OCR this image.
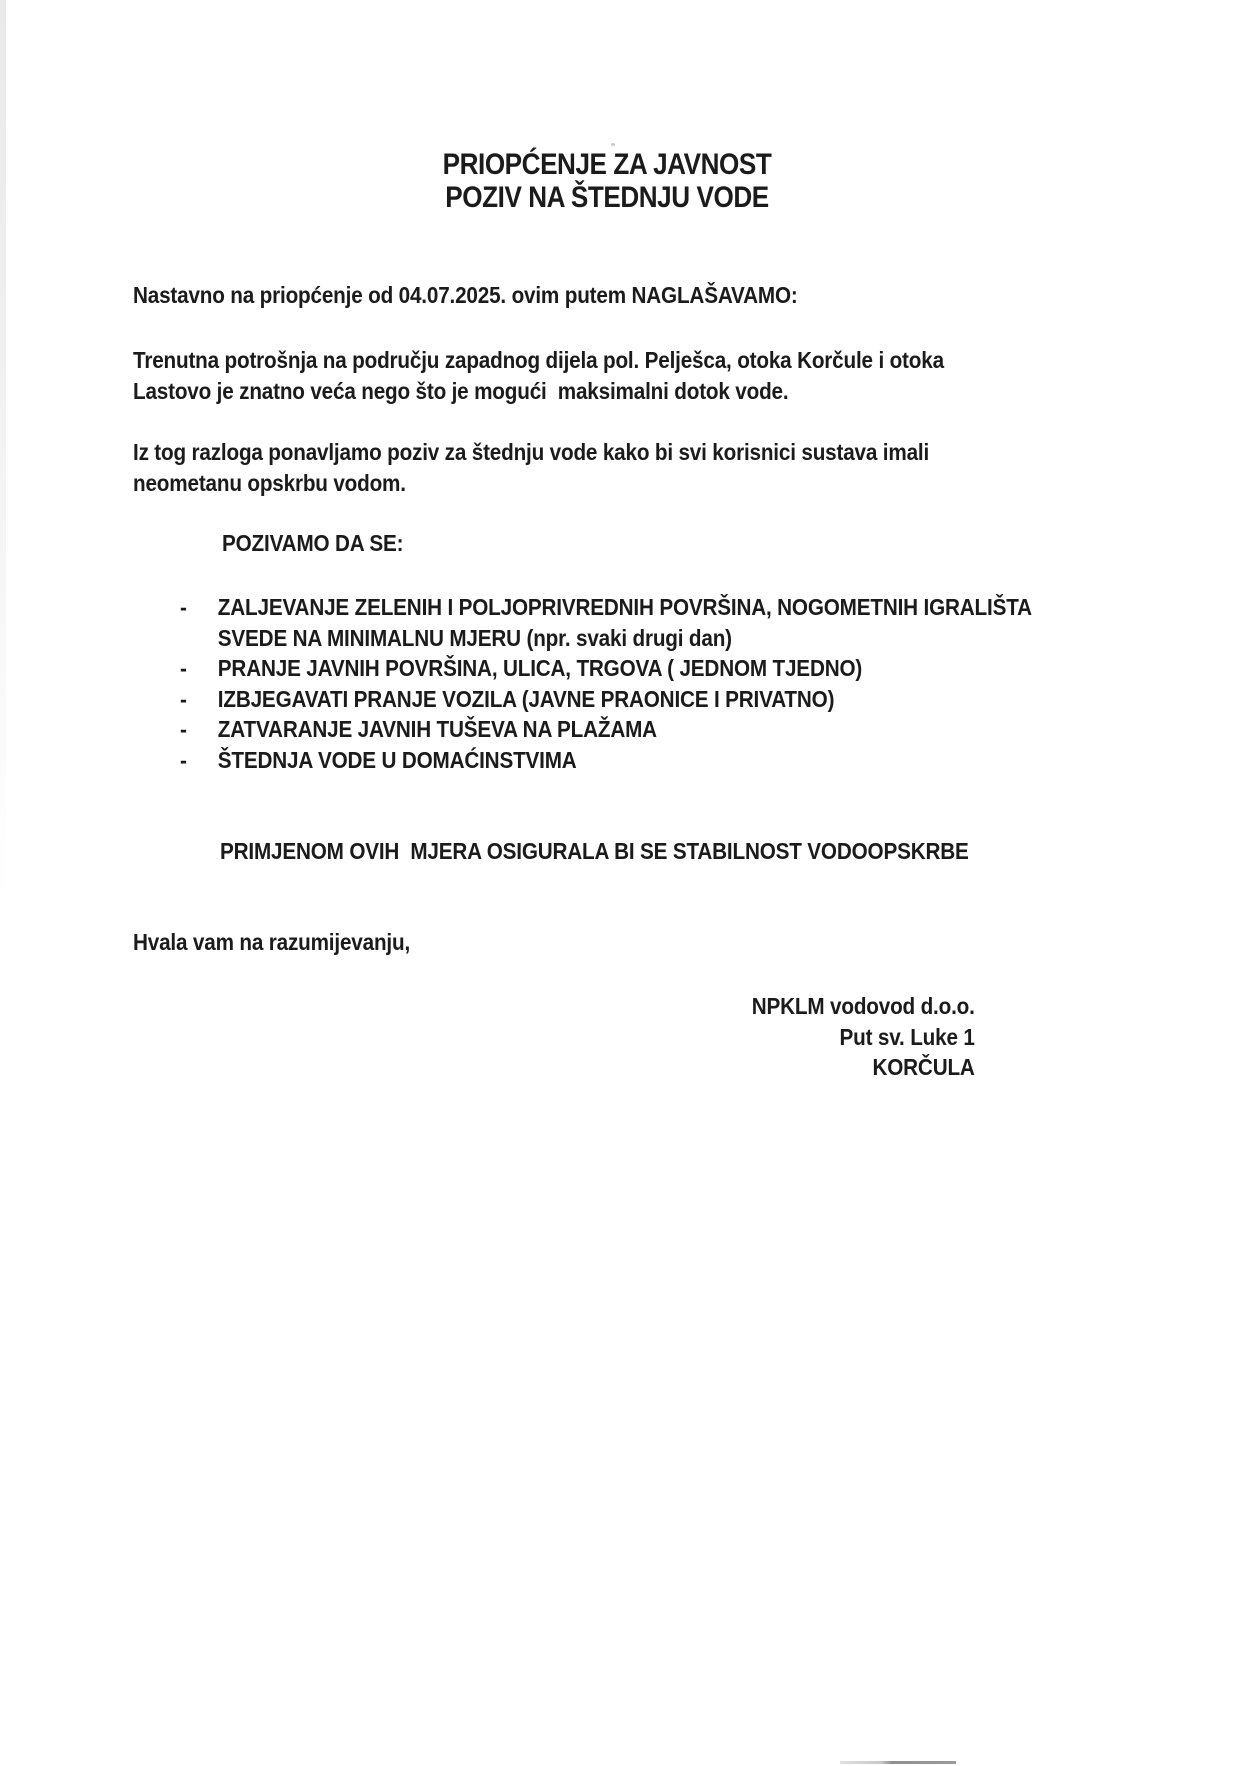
PRIOPĆENJE ZA JAVNOST
POZIV NA ŠTEDNJU VODE
Nastavno na priopćenje od 04.07.2025. ovim putem NAGLAŠAVAMO:
Trenutna potrošnja na području zapadnog dijela pol. Pelješca, otoka Korčule i otoka
Lastovo je znatno veća nego što je mogući  maksimalni dotok vode.
Iz tog razloga ponavljamo poziv za štednju vode kako bi svi korisnici sustava imali
neometanu opskrbu vodom.
POZIVAMO DA SE:
-	ZALJEVANJE ZELENIH I POLJOPRIVREDNIH POVRŠINA, NOGOMETNIH IGRALIŠTA
SVEDE NA MINIMALNU MJERU (npr. svaki drugi dan)
-	PRANJE JAVNIH POVRŠINA, ULICA, TRGOVA ( JEDNOM TJEDNO)
-	IZBJEGAVATI PRANJE VOZILA (JAVNE PRAONICE I PRIVATNO)
-	ZATVARANJE JAVNIH TUŠEVA NA PLAŽAMA
-	ŠTEDNJA VODE U DOMAĆINSTVIMA
PRIMJENOM OVIH  MJERA OSIGURALA BI SE STABILNOST VODOOPSKRBE
Hvala vam na razumijevanju,
NPKLM vodovod d.o.o.
Put sv. Luke 1
KORČULA
